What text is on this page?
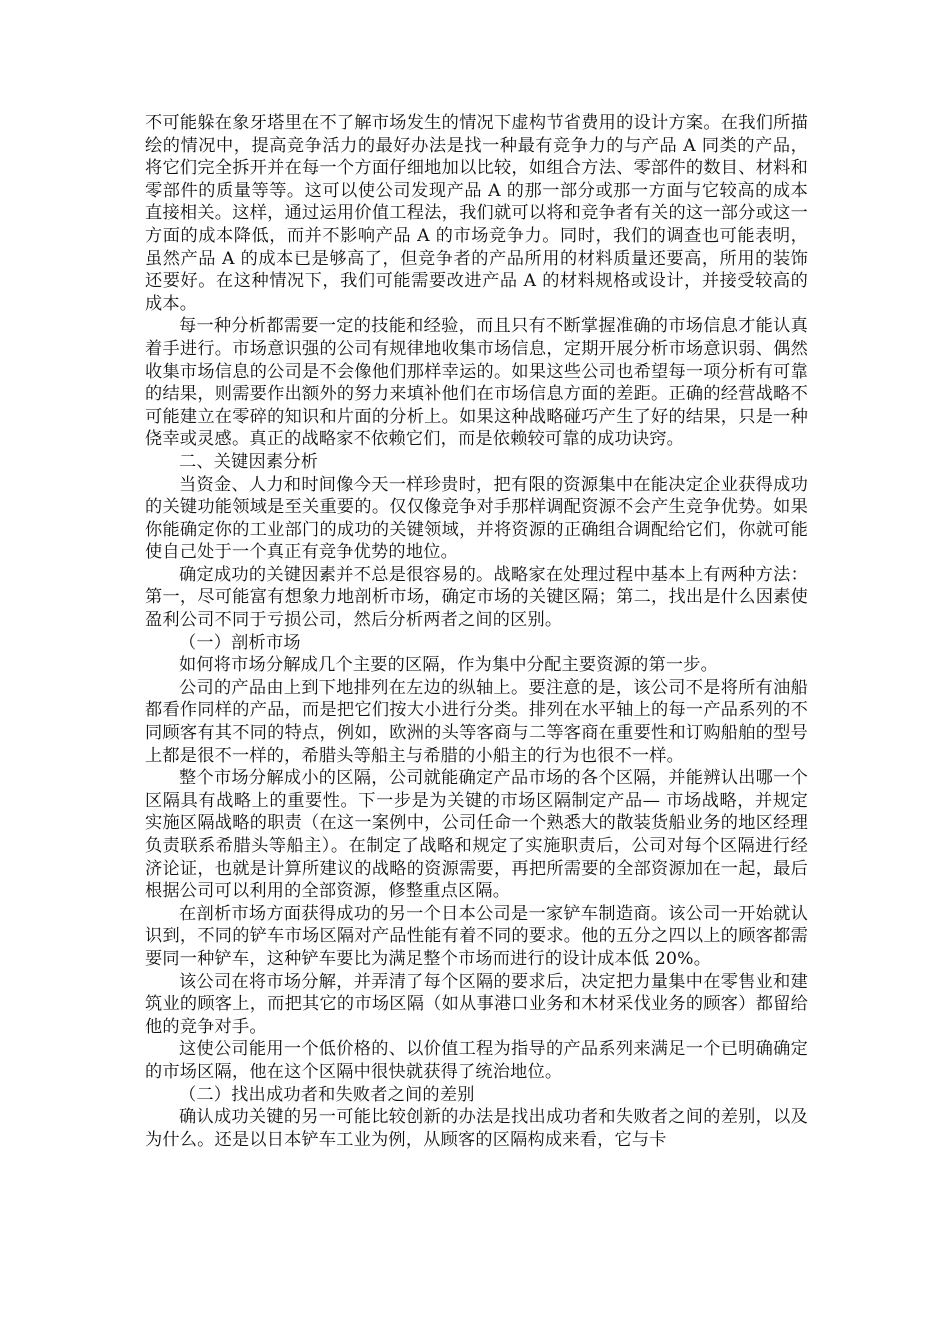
不可能躲在象牙塔里在不了解市场发生的情况下虚构节省费用的设计方案。在我们所描绘的情况中，提高竞争活力的最好办法是找一种最有竞争力的与产品 A 同类的产品，将它们完全拆开并在每一个方面仔细地加以比较，如组合方法、零部件的数目、材料和零部件的质量等等。这可以使公司发现产品 A 的那一部分或那一方面与它较高的成本直接相关。这样，通过运用价值工程法，我们就可以将和竞争者有关的这一部分或这一方面的成本降低，而并不影响产品 A 的市场竞争力。同时，我们的调查也可能表明，虽然产品 A 的成本已是够高了，但竞争者的产品所用的材料质量还要高，所用的装饰还要好。在这种情况下，我们可能需要改进产品 A 的材料规格或设计，并接受较高的成本。

每一种分析都需要一定的技能和经验，而且只有不断掌握准确的市场信息才能认真着手进行。市场意识强的公司有规律地收集市场信息，定期开展分析市场意识弱、偶然收集市场信息的公司是不会像他们那样幸运的。如果这些公司也希望每一项分析有可靠的结果，则需要作出额外的努力来填补他们在市场信息方面的差距。正确的经营战略不可能建立在零碎的知识和片面的分析上。如果这种战略碰巧产生了好的结果，只是一种侥幸或灵感。真正的战略家不依赖它们，而是依赖较可靠的成功诀窍。

二、关键因素分析

当资金、人力和时间像今天一样珍贵时，把有限的资源集中在能决定企业获得成功的关键功能领域是至关重要的。仅仅像竞争对手那样调配资源不会产生竞争优势。如果你能确定你的工业部门的成功的关键领域，并将资源的正确组合调配给它们，你就可能使自己处于一个真正有竞争优势的地位。

确定成功的关键因素并不总是很容易的。战略家在处理过程中基本上有两种方法：第一，尽可能富有想象力地剖析市场，确定市场的关键区隔；第二，找出是什么因素使盈利公司不同于亏损公司，然后分析两者之间的区别。

（一）剖析市场

如何将市场分解成几个主要的区隔，作为集中分配主要资源的第一步。

公司的产品由上到下地排列在左边的纵轴上。要注意的是，该公司不是将所有油船都看作同样的产品，而是把它们按大小进行分类。排列在水平轴上的每一产品系列的不同顾客有其不同的特点，例如，欧洲的头等客商与二等客商在重要性和订购船舶的型号上都是很不一样的，希腊头等船主与希腊的小船主的行为也很不一样。

整个市场分解成小的区隔，公司就能确定产品市场的各个区隔，并能辨认出哪一个区隔具有战略上的重要性。下一步是为关键的市场区隔制定产品— 市场战略，并规定实施区隔战略的职责（在这一案例中，公司任命一个熟悉大的散装货船业务的地区经理负责联系希腊头等船主）。在制定了战略和规定了实施职责后，公司对每个区隔进行经济论证，也就是计算所建议的战略的资源需要，再把所需要的全部资源加在一起，最后根据公司可以利用的全部资源，修整重点区隔。

在剖析市场方面获得成功的另一个日本公司是一家铲车制造商。该公司一开始就认识到，不同的铲车市场区隔对产品性能有着不同的要求。他的五分之四以上的顾客都需要同一种铲车，这种铲车要比为满足整个市场而进行的设计成本低 20%。

该公司在将市场分解，并弄清了每个区隔的要求后，决定把力量集中在零售业和建筑业的顾客上，而把其它的市场区隔（如从事港口业务和木材采伐业务的顾客）都留给他的竞争对手。

这使公司能用一个低价格的、以价值工程为指导的产品系列来满足一个已明确确定的市场区隔，他在这个区隔中很快就获得了统治地位。

（二）找出成功者和失败者之间的差别

确认成功关键的另一可能比较创新的办法是找出成功者和失败者之间的差别，以及为什么。还是以日本铲车工业为例，从顾客的区隔构成来看，它与卡
